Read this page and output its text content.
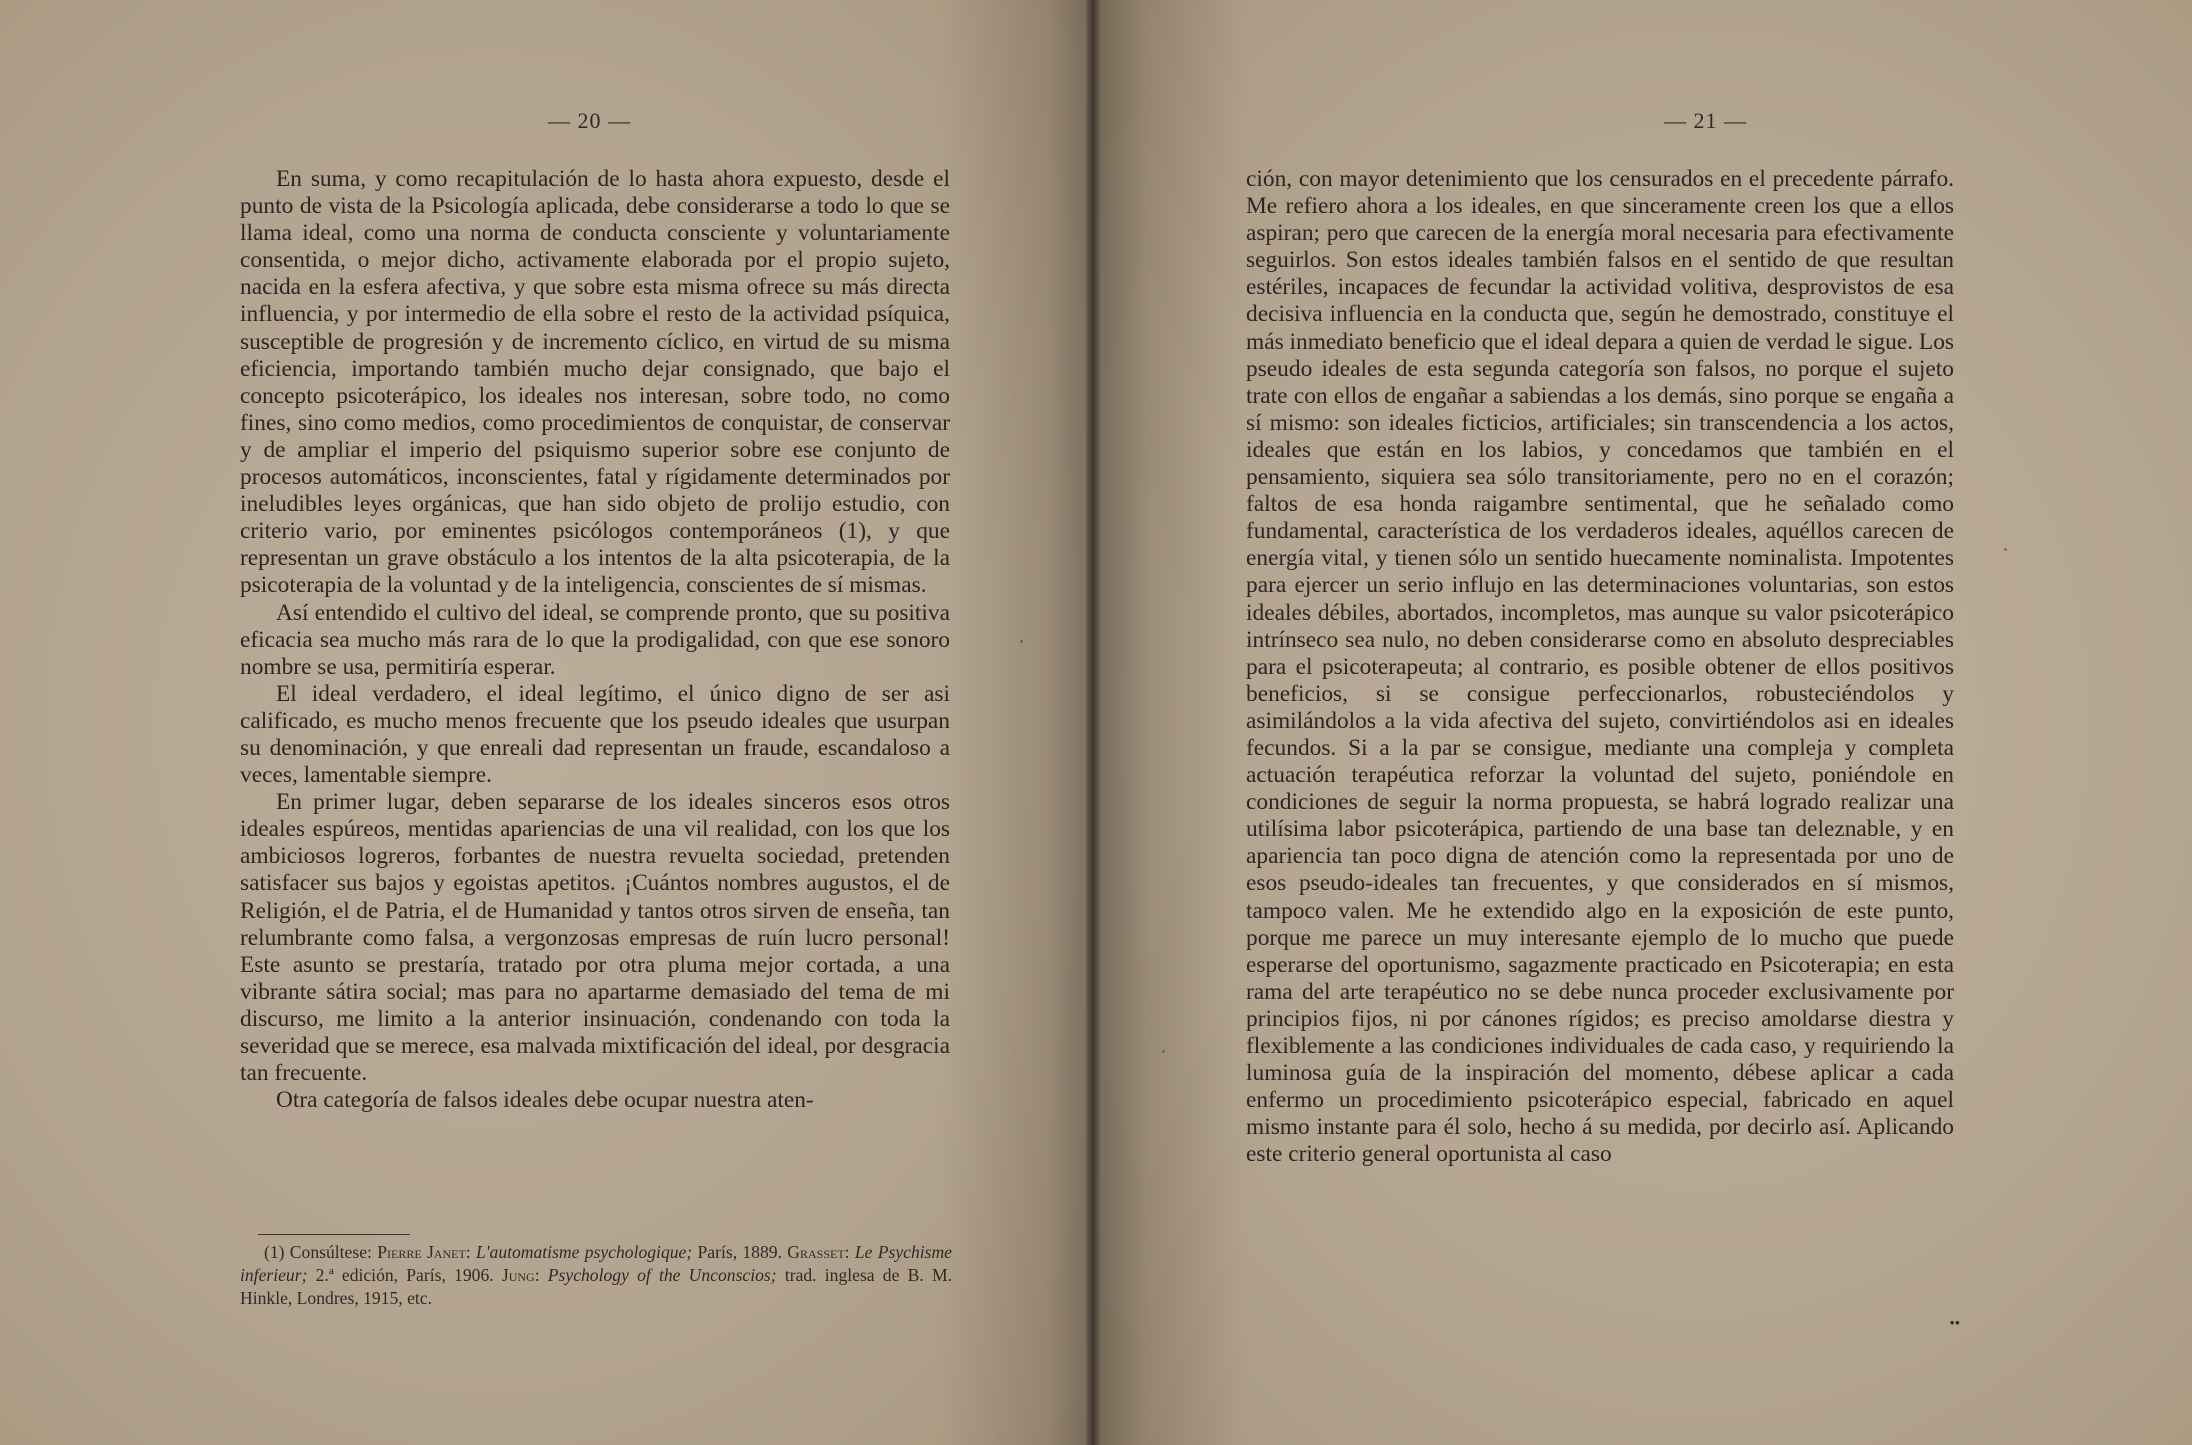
— 20 —

En suma, y como recapitulación de lo hasta ahora expuesto, desde el punto de vista de la Psicología aplicada, debe considerarse a todo lo que se llama ideal, como una norma de conducta consciente y voluntariamente consentida, o mejor dicho, activamente elaborada por el propio sujeto, nacida en la esfera afectiva, y que sobre esta misma ofrece su más directa influencia, y por intermedio de ella sobre el resto de la actividad psíquica, susceptible de progresión y de incremento cíclico, en virtud de su misma eficiencia, importando también mucho dejar consignado, que bajo el concepto psicoterápico, los ideales nos interesan, sobre todo, no como fines, sino como medios, como procedimientos de conquistar, de conservar y de ampliar el imperio del psiquismo superior sobre ese conjunto de procesos automáticos, inconscientes, fatal y rígidamente determinados por ineludibles leyes orgánicas, que han sido objeto de prolijo estudio, con criterio vario, por eminentes psicólogos contemporáneos (1), y que representan un grave obstáculo a los intentos de la alta psicoterapia, de la psicoterapia de la voluntad y de la inteligencia, conscientes de sí mismas.

Así entendido el cultivo del ideal, se comprende pronto, que su positiva eficacia sea mucho más rara de lo que la prodigalidad, con que ese sonoro nombre se usa, permitiría esperar.

El ideal verdadero, el ideal legítimo, el único digno de ser asi calificado, es mucho menos frecuente que los pseudo ideales que usurpan su denominación, y que enreali dad representan un fraude, escandaloso a veces, lamentable siempre.

En primer lugar, deben separarse de los ideales sinceros esos otros ideales espúreos, mentidas apariencias de una vil realidad, con los que los ambiciosos logreros, forbantes de nuestra revuelta sociedad, pretenden satisfacer sus bajos y egoistas apetitos. ¡Cuántos nombres augustos, el de Religión, el de Patria, el de Humanidad y tantos otros sirven de enseña, tan relumbrante como falsa, a vergonzosas empresas de ruín lucro personal! Este asunto se prestaría, tratado por otra pluma mejor cortada, a una vibrante sátira social; mas para no apartarme demasiado del tema de mi discurso, me limito a la anterior insinuación, condenando con toda la severidad que se merece, esa malvada mixtificación del ideal, por desgracia tan frecuente.

Otra categoría de falsos ideales debe ocupar nuestra aten-

(1) Consúltese: Pierre Janet: L'automatisme psychologique; París, 1889. Grasset: Le Psychisme inferieur; 2.ª edición, París, 1906. Jung: Psychology of the Unconscios; trad. inglesa de B. M. Hinkle, Londres, 1915, etc.
— 21 —

ción, con mayor detenimiento que los censurados en el precedente párrafo. Me refiero ahora a los ideales, en que sinceramente creen los que a ellos aspiran; pero que carecen de la energía moral necesaria para efectivamente seguirlos. Son estos ideales también falsos en el sentido de que resultan estériles, incapaces de fecundar la actividad volitiva, desprovistos de esa decisiva influencia en la conducta que, según he demostrado, constituye el más inmediato beneficio que el ideal depara a quien de verdad le sigue. Los pseudo ideales de esta segunda categoría son falsos, no porque el sujeto trate con ellos de engañar a sabiendas a los demás, sino porque se engaña a sí mismo: son ideales ficticios, artificiales; sin transcendencia a los actos, ideales que están en los labios, y concedamos que también en el pensamiento, siquiera sea sólo transitoriamente, pero no en el corazón; faltos de esa honda raigambre sentimental, que he señalado como fundamental, característica de los verdaderos ideales, aquéllos carecen de energía vital, y tienen sólo un sentido huecamente nominalista. Impotentes para ejercer un serio influjo en las determinaciones voluntarias, son estos ideales débiles, abortados, incompletos, mas aunque su valor psicoterápico intrínseco sea nulo, no deben considerarse como en absoluto despreciables para el psicoterapeuta; al contrario, es posible obtener de ellos positivos beneficios, si se consigue perfeccionarlos, robusteciéndolos y asimilándolos a la vida afectiva del sujeto, convirtiéndolos asi en ideales fecundos. Si a la par se consigue, mediante una compleja y completa actuación terapéutica reforzar la voluntad del sujeto, poniéndole en condiciones de seguir la norma propuesta, se habrá logrado realizar una utilísima labor psicoterápica, partiendo de una base tan deleznable, y en apariencia tan poco digna de atención como la representada por uno de esos pseudo-ideales tan frecuentes, y que considerados en sí mismos, tampoco valen. Me he extendido algo en la exposición de este punto, porque me parece un muy interesante ejemplo de lo mucho que puede esperarse del oportunismo, sagazmente practicado en Psicoterapia; en esta rama del arte terapéutico no se debe nunca proceder exclusivamente por principios fijos, ni por cánones rígidos; es preciso amoldarse diestra y flexiblemente a las condiciones individuales de cada caso, y requiriendo la luminosa guía de la inspiración del momento, débese aplicar a cada enfermo un procedimiento psicoterápico especial, fabricado en aquel mismo instante para él solo, hecho á su medida, por decirlo así. Aplicando este criterio general oportunista al caso

••
